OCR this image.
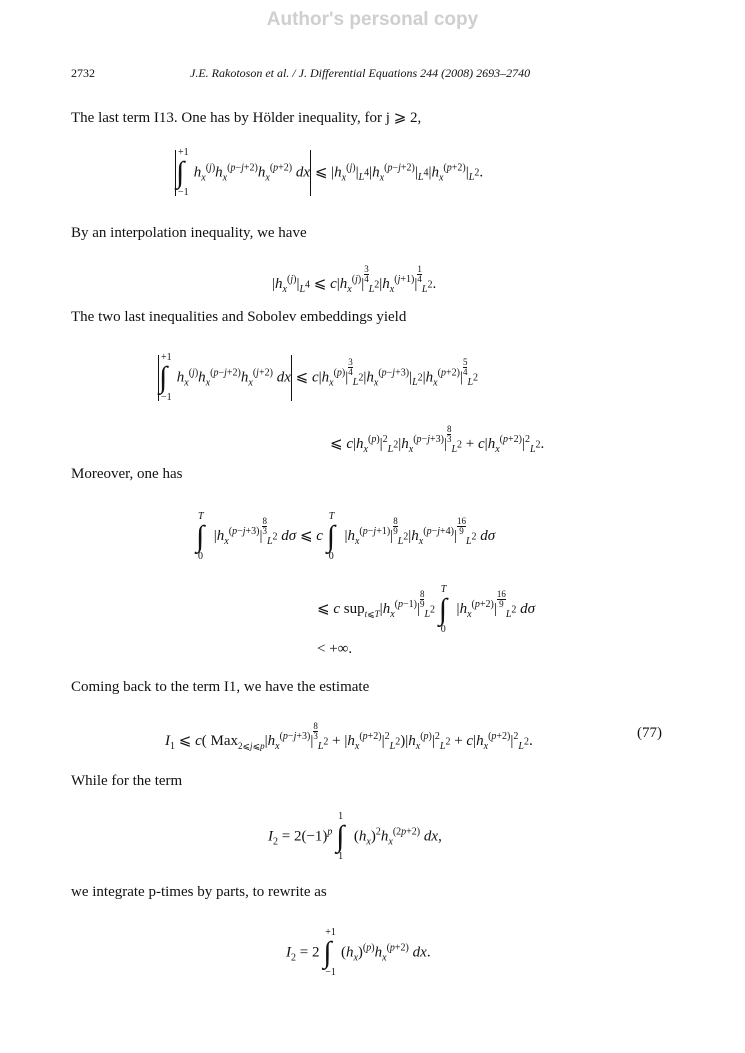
Author's personal copy
2732	J.E. Rakotoson et al. / J. Differential Equations 244 (2008) 2693–2740
The last term I13. One has by Hölder inequality, for j ⩾ 2,
∫
+1
−1
$h_x^{(j)}h_x^{(p-j+2)}h_x^{(p+2)}$ dx ⩽ $|h_x^{(j)}|_{L^4}|h_x^{(p-j+2)}|_{L^4}|h_x^{(p+2)}|_{L^2}$.
By an interpolation inequality, we have
$|h_x^{(j)}|_{L^4}$ ⩽ $c|h_x^{(j)}| \frac{3}{4}$
$_{L^2}|h_x^{(j+1)}| \frac{1}{4}$
$_{L^2}$.
The two last inequalities and Sobolev embeddings yield
∫
+1
−1
$h_x^{(j)}h_x^{(p-j+2)}h_x^{(j+2)}$ dx ⩽ $c|h_x^{(p)}| \frac{3}{4}$
$_{L^2}|h_x^{(p-j+3)}|_{L^2}|h_x^{(p+2)}| \frac{5}{4}$
$_{L^2}$
⩽ $c|h_x^{(p)}|^2_{L^2}|h_x^{(p-j+3)}| \frac{8}{3}$
$_{L^2} + c|h_x^{(p+2)}|^2_{L^2}$.
Moreover, one has
∫
T
0
$|h_x^{(p-j+3)}| \frac{8}{3}$
$_{L^2}$ dσ ⩽ c ∫
T
0
$|h_x^{(p-j+1)}| \frac{8}{9}$
$_{L^2}|h_x^{(p-j+4)}| \frac{16}{9}$
$_{L^2}$ dσ
⩽ c $sup_{t⩽T}|h_x^{(p-1)}| \frac{8}{9}$
$_{L^2}$ ∫
T
0
$|h_x^{(p+2)}| \frac{16}{9}$
$_{L^2}$ dσ
< +∞.
Coming back to the term I1, we have the estimate
$I_1$ ⩽ c( $Max_{2⩽j⩽p}|h_x^{(p-j+3)}| \frac{8}{3}$
$_{L^2} + |h_x^{(p+2)}|^2_{L^2})|h_x^{(p)}|^2_{L^2} + c|h_x^{(p+2)}|^2_{L^2}$.	(77)
While for the term
$I_2 = 2(-1)^p$ ∫
1
1
$(h_x)^2h_x^{(2p+2)}$ dx,
we integrate p-times by parts, to rewrite as
$I_2 = 2$ ∫
+1
−1
$(h_x)^{(p)}h_x^{(p+2)}$ dx.
